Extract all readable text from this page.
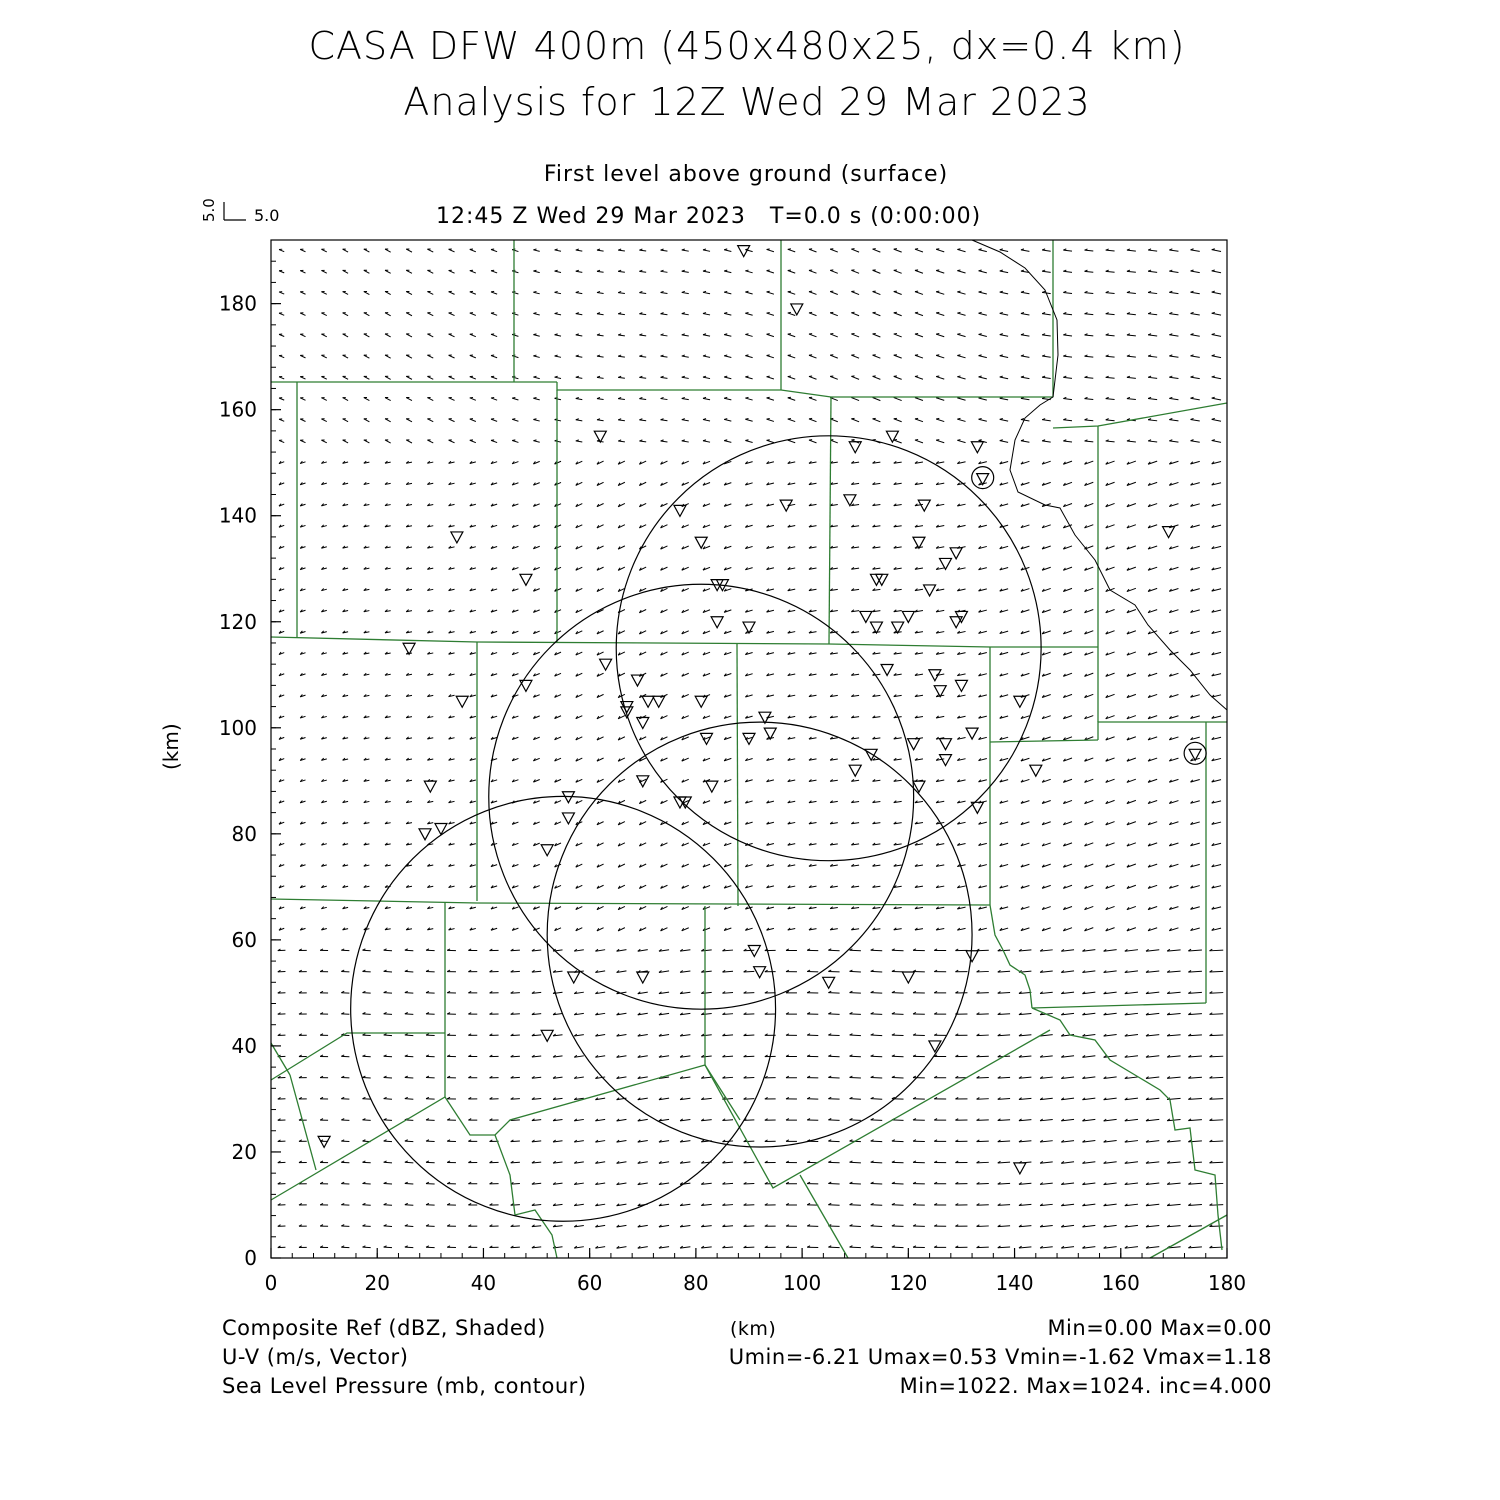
CASA DFW 400m (450x480x25, dx=0.4 km)
Analysis for 12Z Wed 29 Mar 2023
First level above ground (surface)
12:45 Z Wed 29 Mar 2023 T=0.0 s (0:00:00)
5.0 5.0
0	20	40	60	80	100	120	140	160	180
0
20
40
60
80
100
120
140
160
180
(km)
Composite Ref (dBZ, Shaded)
U-V (m/s, Vector)
Sea Level Pressure (mb, contour)
(km)	Min=0.00 Max=0.00
Umin=-6.21 Umax=0.53 Vmin=-1.62 Vmax=1.18
Min=1022. Max=1024. inc=4.000
